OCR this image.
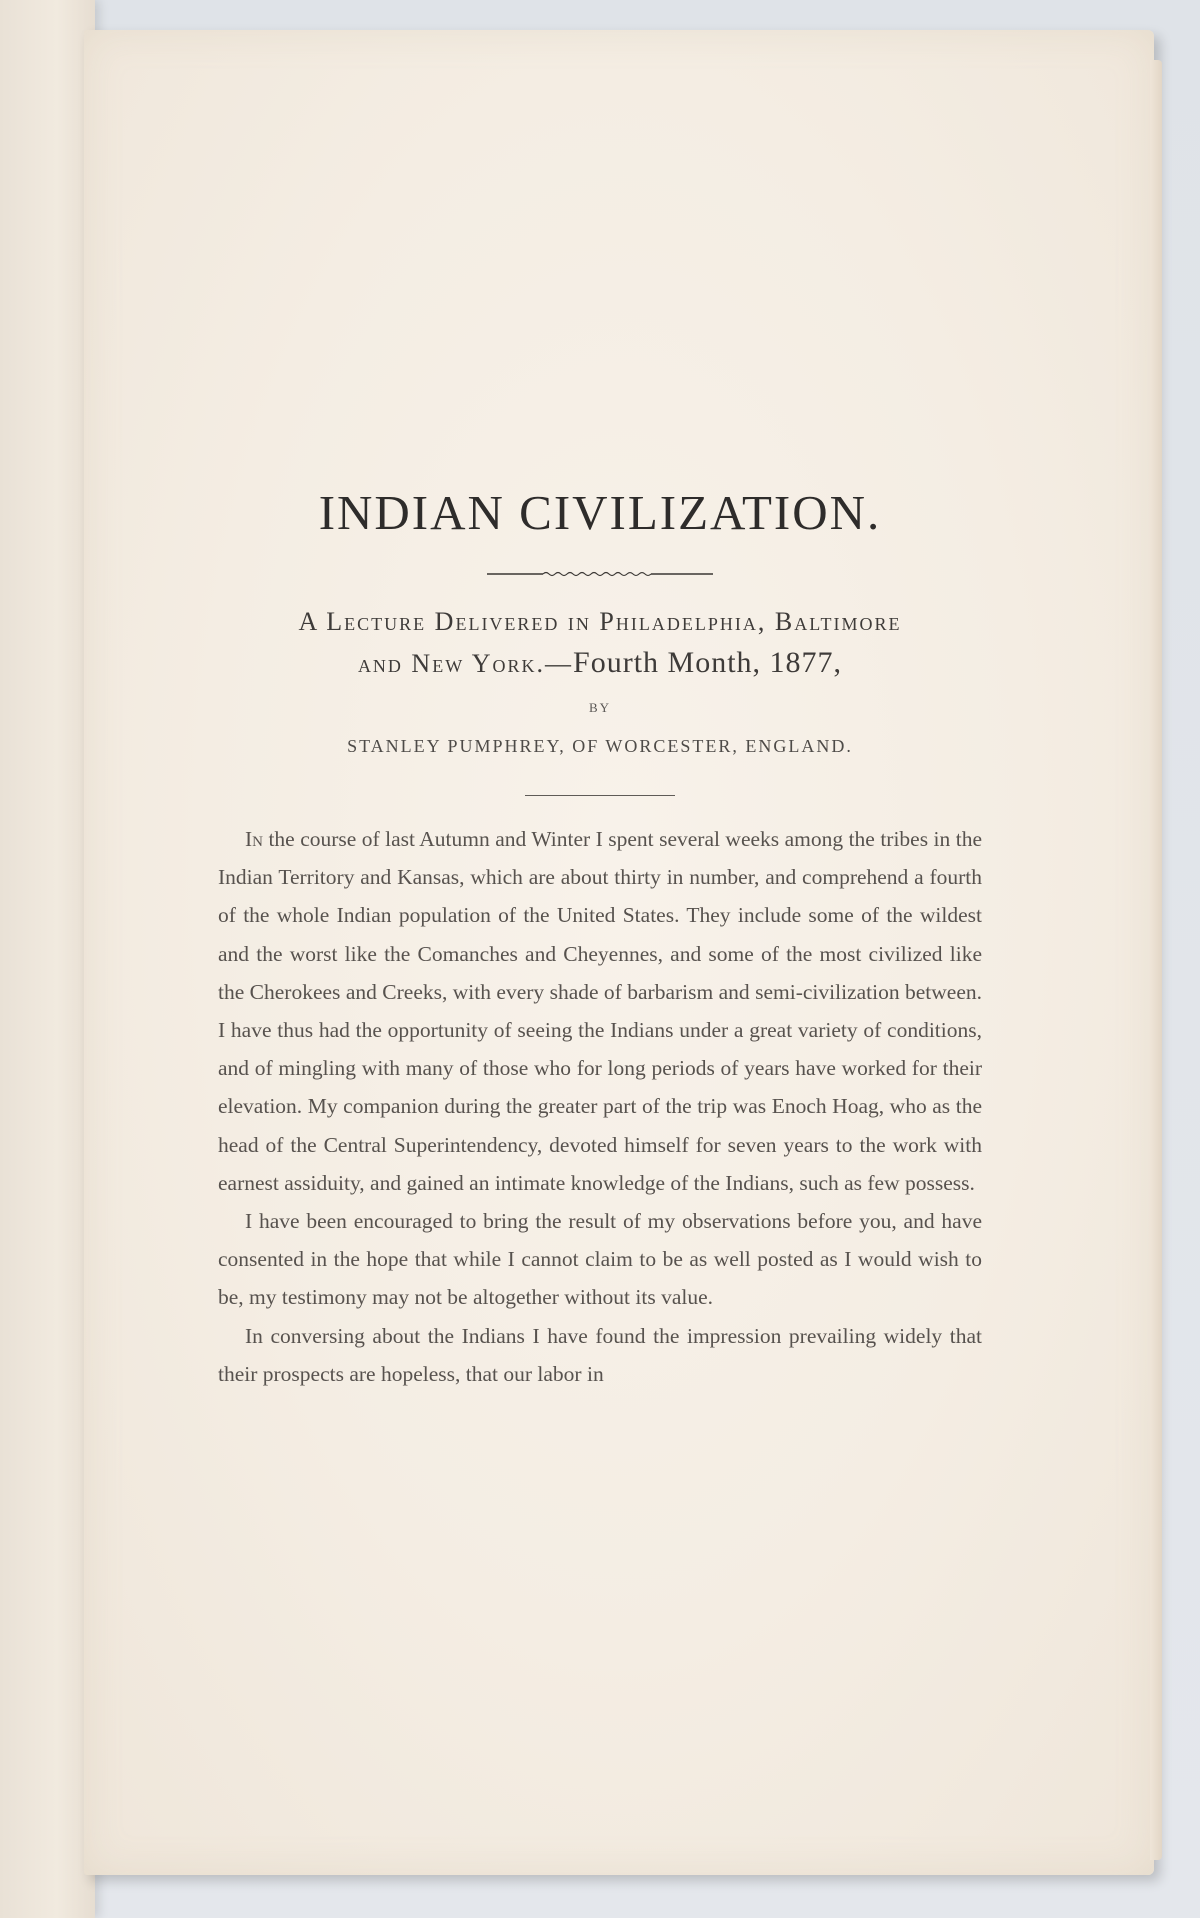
INDIAN CIVILIZATION.
A Lecture Delivered in Philadelphia, Baltimore
and New York.—Fourth Month, 1877,
BY
STANLEY PUMPHREY, OF WORCESTER, ENGLAND.

In the course of last Autumn and Winter I spent several weeks among the tribes in the Indian Territory and Kansas, which are about thirty in number, and comprehend a fourth of the whole Indian population of the United States. They include some of the wildest and the worst like the Comanches and Cheyennes, and some of the most civilized like the Cherokees and Creeks, with every shade of barbarism and semi-civilization between. I have thus had the opportunity of seeing the Indians under a great variety of conditions, and of mingling with many of those who for long periods of years have worked for their elevation. My companion during the greater part of the trip was Enoch Hoag, who as the head of the Central Superintendency, devoted himself for seven years to the work with earnest assiduity, and gained an intimate knowledge of the Indians, such as few possess.

I have been encouraged to bring the result of my observations before you, and have consented in the hope that while I cannot claim to be as well posted as I would wish to be, my testimony may not be altogether without its value.

In conversing about the Indians I have found the impression prevailing widely that their prospects are hopeless, that our labor in
